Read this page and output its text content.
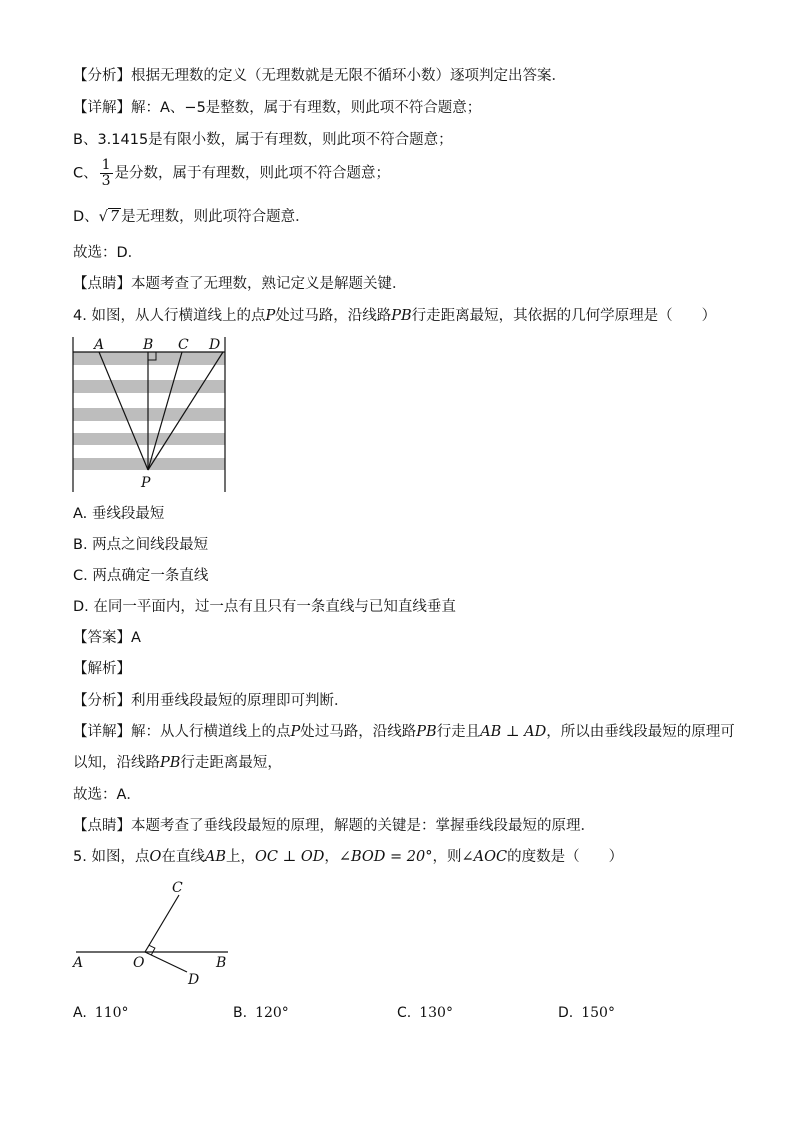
【分析】根据无理数的定义（无理数就是无限不循环小数）逐项判定出答案．
【详解】解：A、−5是整数，属于有理数，则此项不符合题意；
B、3.1415是有限小数，属于有理数，则此项不符合题意；
C、 $\frac{1}{3}$ 是分数，属于有理数，则此项不符合题意；
D、√ 7 是无理数，则此项符合题意．
故选：D．
【点睛】本题考查了无理数，熟记定义是解题关键．
4. 如图，从人行横道线上的点P处过马路，沿线路PB行走距离最短，其依据的几何学原理是（　　）
A	B C D
P
A. 垂线段最短
B. 两点之间线段最短
C. 两点确定一条直线
D. 在同一平面内，过一点有且只有一条直线与已知直线垂直
【答案】A
【解析】
【分析】利用垂线段最短的原理即可判断．
【详解】解：从人行横道线上的点P处过马路，沿线路PB行走且AB ⊥ AD，所以由垂线段最短的原理可
以知，沿线路PB行走距离最短，
故选：A．
【点睛】本题考查了垂线段最短的原理，解题的关键是：掌握垂线段最短的原理．
5. 如图，点O在直线AB上，OC ⊥ OD，∠BOD = 20°，则∠AOC的度数是（　　）
C
A	O	B
D
A. 110°	B. 120°	C. 130°	D. 150°
